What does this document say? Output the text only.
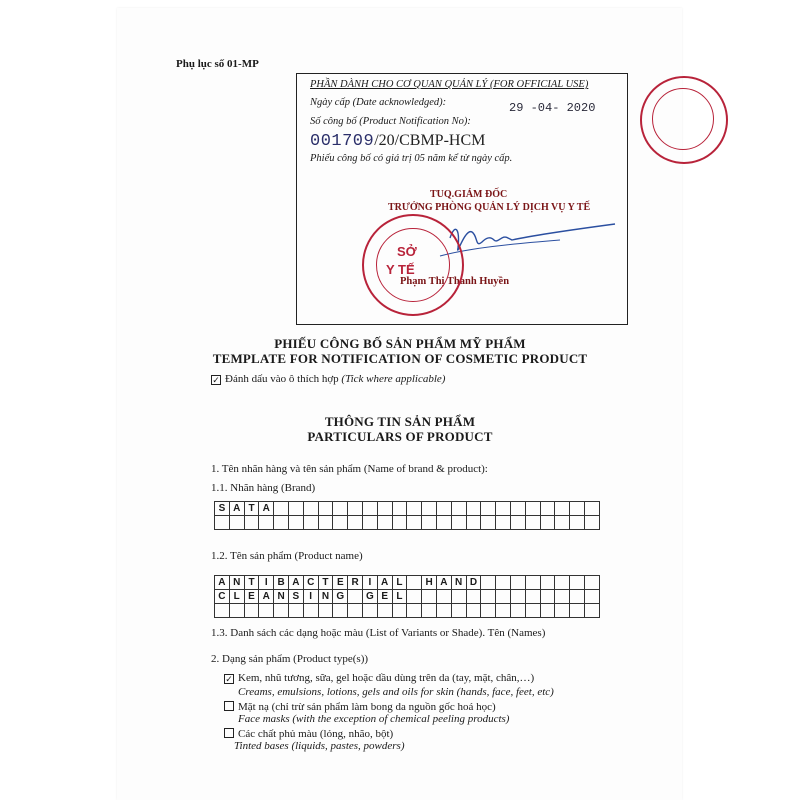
Phụ lục số 01-MP
PHẦN DÀNH CHO CƠ QUAN QUẢN LÝ (FOR OFFICIAL USE)
Ngày cấp (Date acknowledged):	29 -04- 2020
Số công bố (Product Notification No):
001709/20/CBMP-HCM
Phiếu công bố có giá trị 05 năm kể từ ngày cấp.
TUQ.GIÁM ĐỐC
TRƯỞNG PHÒNG QUẢN LÝ DỊCH VỤ Y TẾ
Phạm Thị Thanh Huyền
SỞ
Y TẾ
PHIẾU CÔNG BỐ SẢN PHẨM MỸ PHẨM
TEMPLATE FOR NOTIFICATION OF COSMETIC PRODUCT
✓ Đánh dấu vào ô thích hợp (Tick where applicable)
THÔNG TIN SẢN PHẨM
PARTICULARS OF PRODUCT
1. Tên nhãn hàng và tên sản phẩm (Name of brand & product):
1.1. Nhãn hàng (Brand)
S	A	T	A																						

1.2. Tên sản phẩm (Product name)
A	N	T	I	B	A	C	T	E	R	I	A	L		H	A	N	D								
C	L	E	A	N	S	I	N	G		G	E	L													

1.3. Danh sách các dạng hoặc màu (List of Variants or Shade). Tên (Names)
2. Dạng sản phẩm (Product type(s))
✓ Kem, nhũ tương, sữa, gel hoặc dầu dùng trên da (tay, mặt, chân,…)
Creams, emulsions, lotions, gels and oils for skin (hands, face, feet, etc)
Mặt nạ (chỉ trừ sản phẩm làm bong da nguồn gốc hoá học)
Face masks (with the exception of chemical peeling products)
Các chất phủ màu (lỏng, nhão, bột)
Tinted bases (liquids, pastes, powders)
